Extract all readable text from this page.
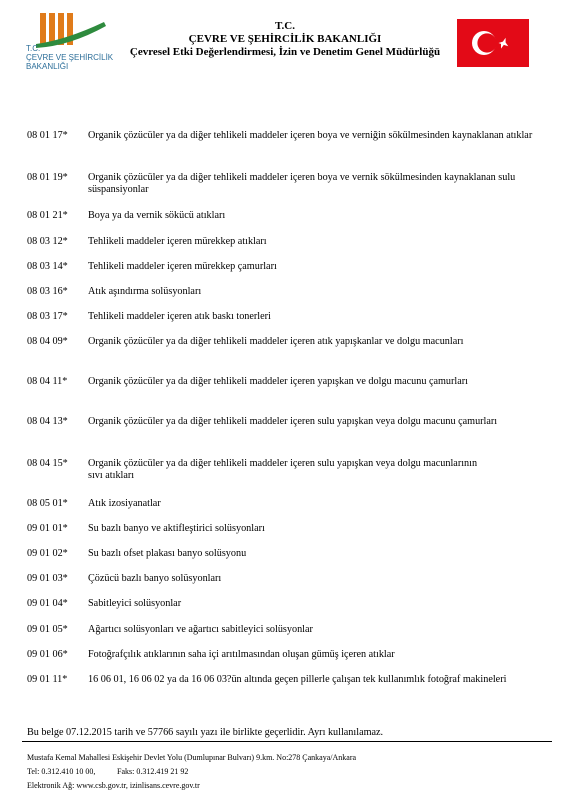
T.C.
ÇEVRE VE ŞEHİRCİLİK
BAKANLIĞI
T.C.
ÇEVRE VE ŞEHİRCİLİK BAKANLIĞI
Çevresel Etki Değerlendirmesi, İzin ve Denetim Genel Müdürlüğü
08 01 17*	Organik çözücüler ya da diğer tehlikeli maddeler içeren boya ve verniğin sökülmesinden kaynaklanan atıklar
08 01 19*	Organik çözücüler ya da diğer tehlikeli maddeler içeren boya ve vernik sökülmesinden kaynaklanan sulu süspansiyonlar
08 01 21*	Boya ya da vernik sökücü atıkları
08 03 12*	Tehlikeli maddeler içeren mürekkep atıkları
08 03 14*	Tehlikeli maddeler içeren mürekkep çamurları
08 03 16*	Atık aşındırma solüsyonları
08 03 17*	Tehlikeli maddeler içeren atık baskı tonerleri
08 04 09*	Organik çözücüler ya da diğer tehlikeli maddeler içeren atık yapışkanlar ve dolgu macunları
08 04 11*	Organik çözücüler ya da diğer tehlikeli maddeler içeren yapışkan ve dolgu macunu çamurları
08 04 13*	Organik çözücüler ya da diğer tehlikeli maddeler içeren sulu yapışkan veya dolgu macunu çamurları
08 04 15*	Organik çözücüler ya da diğer tehlikeli maddeler içeren sulu yapışkan veya dolgu macunlarının sıvı atıkları
08 05 01*	Atık izosiyanatlar
09 01 01*	Su bazlı banyo ve aktifleştirici solüsyonları
09 01 02*	Su bazlı ofset plakası banyo solüsyonu
09 01 03*	Çözücü bazlı banyo solüsyonları
09 01 04*	Sabitleyici solüsyonlar
09 01 05*	Ağartıcı solüsyonları ve ağartıcı sabitleyici solüsyonlar
09 01 06*	Fotoğrafçılık atıklarının saha içi arıtılmasından oluşan gümüş içeren atıklar
09 01 11*	16 06 01, 16 06 02 ya da 16 06 03?ün altında geçen pillerle çalışan tek kullanımlık fotoğraf makineleri
Bu belge 07.12.2015 tarih ve 57766 sayılı yazı ile birlikte geçerlidir. Ayrı kullanılamaz.
Mustafa Kemal Mahallesi Eskişehir Devlet Yolu (Dumlupınar Bulvarı) 9.km. No:278 Çankaya/Ankara
Tel: 0.312.410 10 00,	Faks: 0.312.419 21 92
Elektronik Ağ: www.csb.gov.tr, izinlisans.cevre.gov.tr
